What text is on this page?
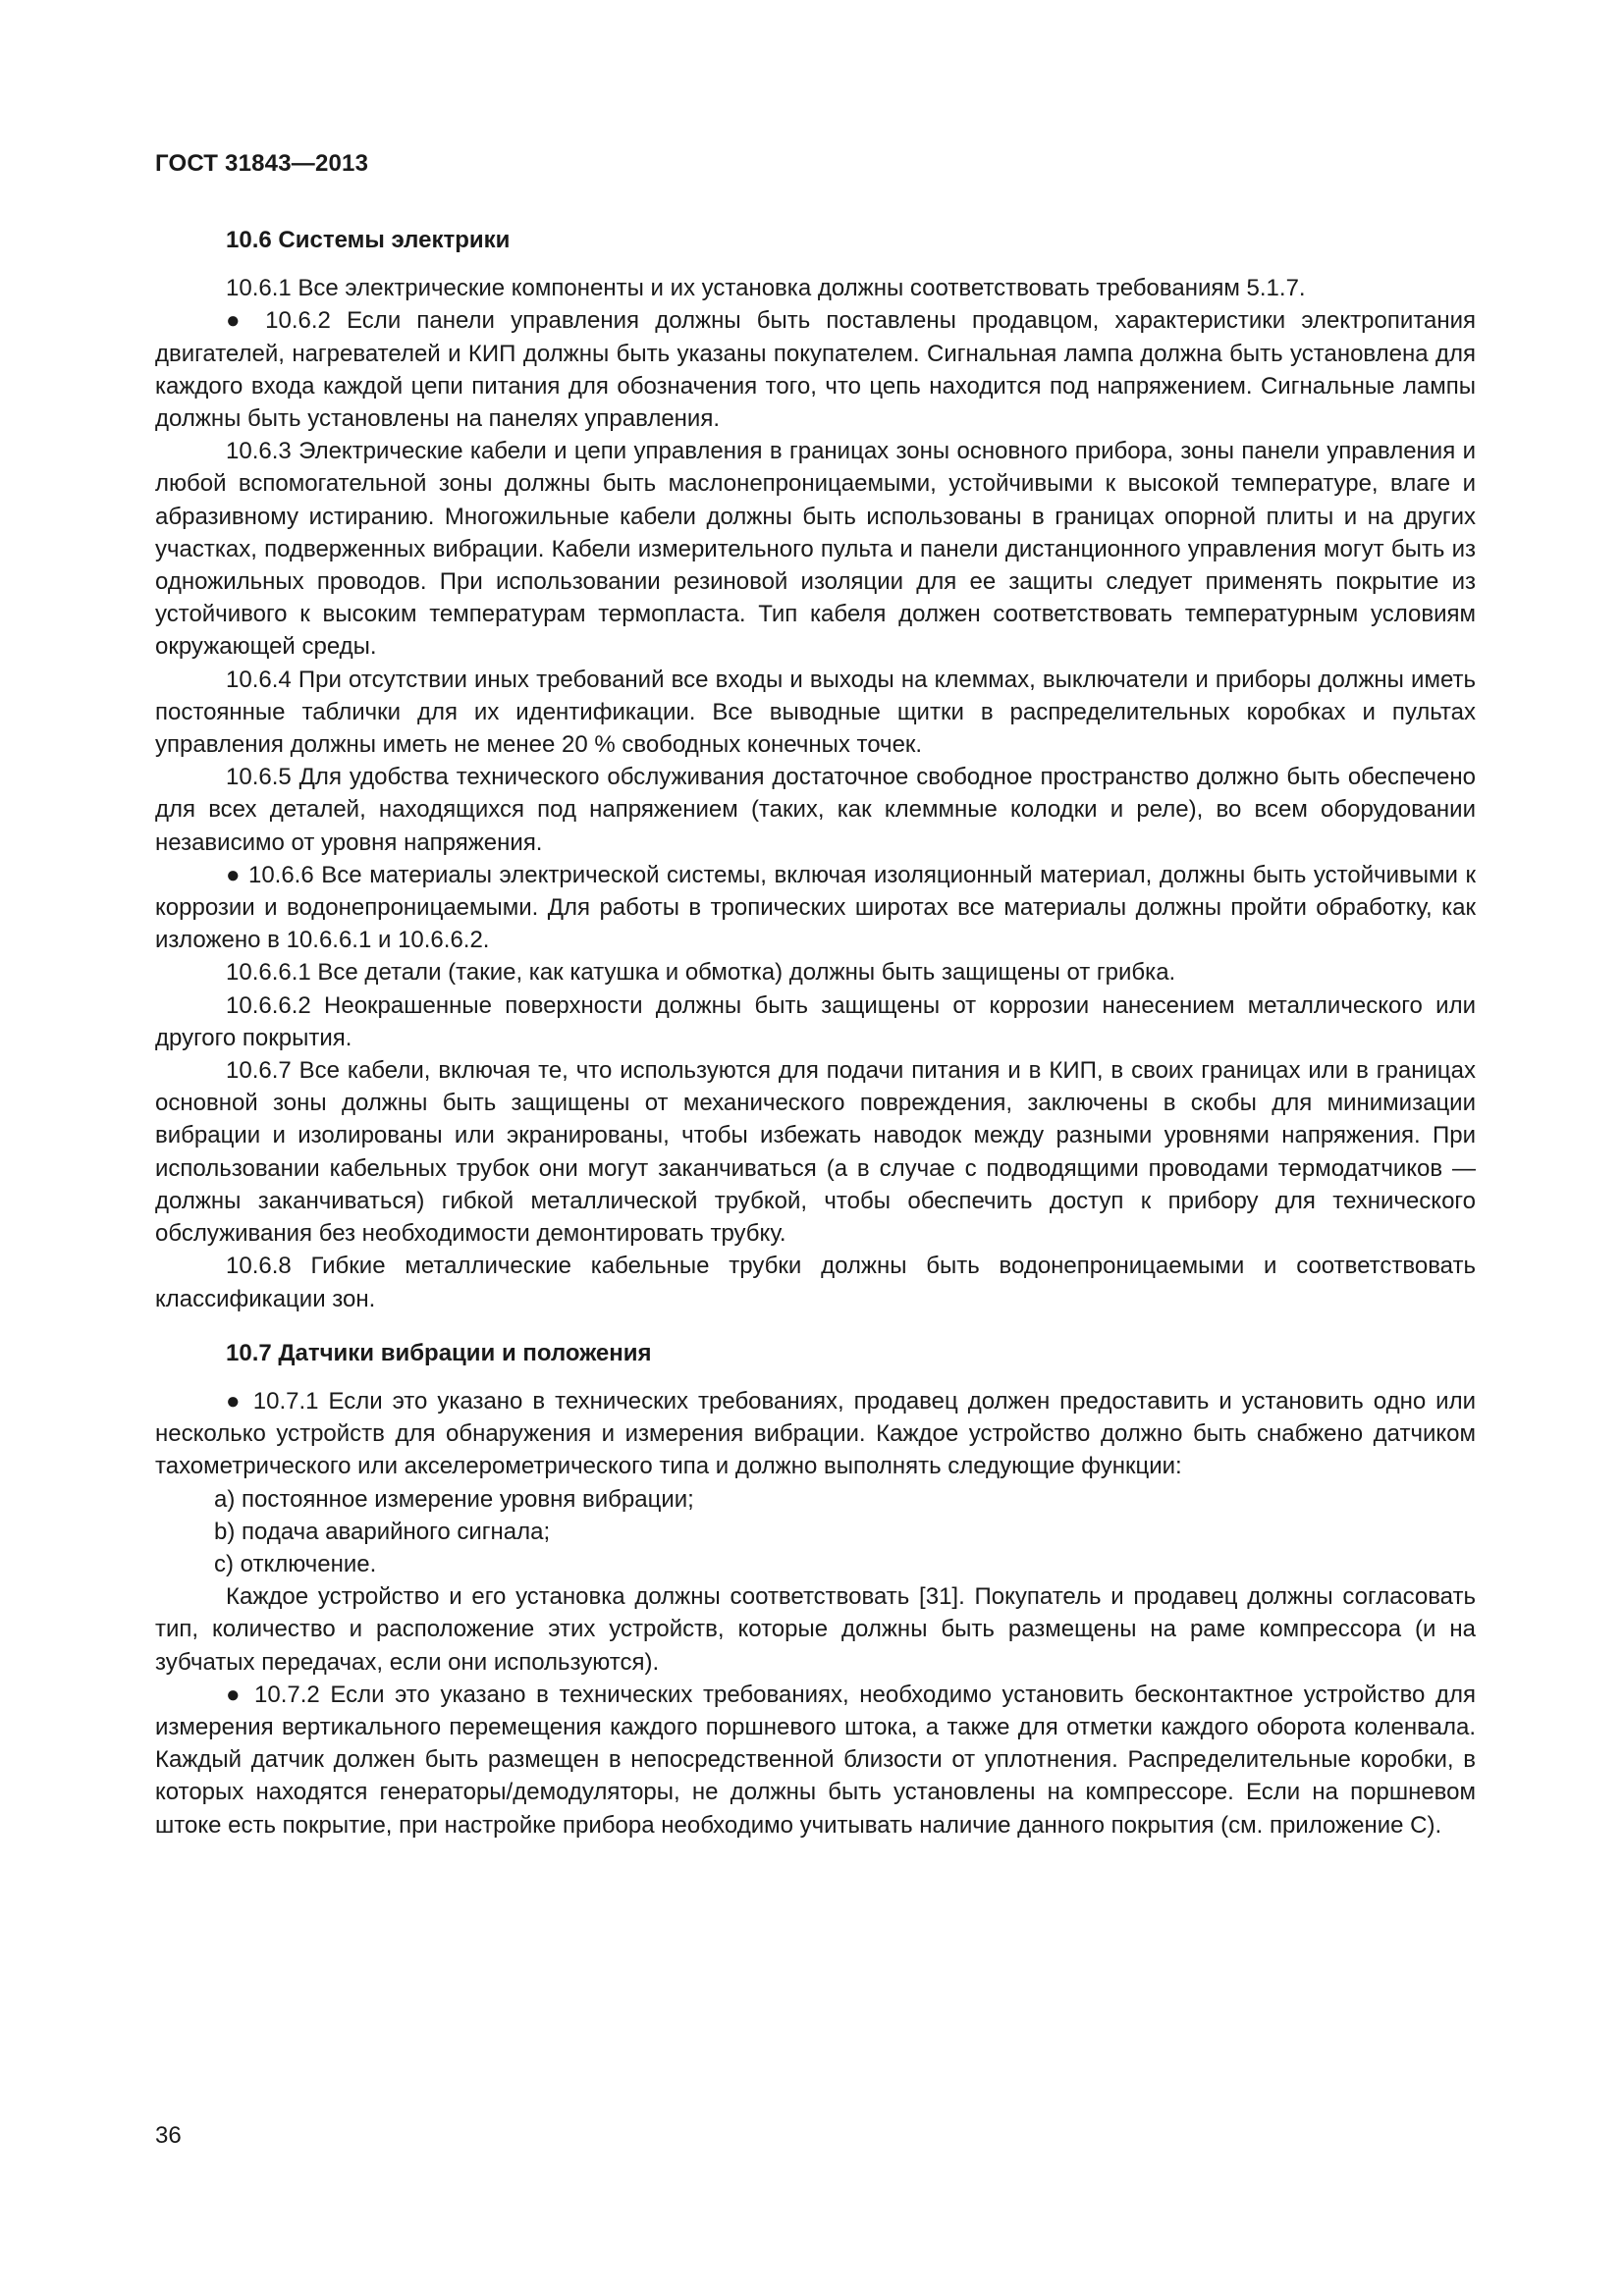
ГОСТ 31843—2013
10.6 Системы электрики

10.6.1 Все электрические компоненты и их установка должны соответствовать требованиям 5.1.7.

● 10.6.2 Если панели управления должны быть поставлены продавцом, характеристики электропитания двигателей, нагревателей и КИП должны быть указаны покупателем. Сигнальная лампа должна быть установлена для каждого входа каждой цепи питания для обозначения того, что цепь находится под напряжением. Сигнальные лампы должны быть установлены на панелях управления.

10.6.3 Электрические кабели и цепи управления в границах зоны основного прибора, зоны панели управления и любой вспомогательной зоны должны быть маслонепроницаемыми, устойчивыми к высокой температуре, влаге и абразивному истиранию. Многожильные кабели должны быть использованы в границах опорной плиты и на других участках, подверженных вибрации. Кабели измерительного пульта и панели дистанционного управления могут быть из одножильных проводов. При использовании резиновой изоляции для ее защиты следует применять покрытие из устойчивого к высоким температурам термопласта. Тип кабеля должен соответствовать температурным условиям окружающей среды.

10.6.4 При отсутствии иных требований все входы и выходы на клеммах, выключатели и приборы должны иметь постоянные таблички для их идентификации. Все выводные щитки в распределительных коробках и пультах управления должны иметь не менее 20 % свободных конечных точек.

10.6.5 Для удобства технического обслуживания достаточное свободное пространство должно быть обеспечено для всех деталей, находящихся под напряжением (таких, как клеммные колодки и реле), во всем оборудовании независимо от уровня напряжения.

● 10.6.6 Все материалы электрической системы, включая изоляционный материал, должны быть устойчивыми к коррозии и водонепроницаемыми. Для работы в тропических широтах все материалы должны пройти обработку, как изложено в 10.6.6.1 и 10.6.6.2.

10.6.6.1 Все детали (такие, как катушка и обмотка) должны быть защищены от грибка.

10.6.6.2 Неокрашенные поверхности должны быть защищены от коррозии нанесением металлического или другого покрытия.

10.6.7 Все кабели, включая те, что используются для подачи питания и в КИП, в своих границах или в границах основной зоны должны быть защищены от механического повреждения, заключены в скобы для минимизации вибрации и изолированы или экранированы, чтобы избежать наводок между разными уровнями напряжения. При использовании кабельных трубок они могут заканчиваться (а в случае с подводящими проводами термодатчиков — должны заканчиваться) гибкой металлической трубкой, чтобы обеспечить доступ к прибору для технического обслуживания без необходимости демонтировать трубку.

10.6.8 Гибкие металлические кабельные трубки должны быть водонепроницаемыми и соответствовать классификации зон.

10.7 Датчики вибрации и положения

● 10.7.1 Если это указано в технических требованиях, продавец должен предоставить и установить одно или несколько устройств для обнаружения и измерения вибрации. Каждое устройство должно быть снабжено датчиком тахометрического или акселерометрического типа и должно выполнять следующие функции:

a) постоянное измерение уровня вибрации;

b) подача аварийного сигнала;

c) отключение.

Каждое устройство и его установка должны соответствовать [31]. Покупатель и продавец должны согласовать тип, количество и расположение этих устройств, которые должны быть размещены на раме компрессора (и на зубчатых передачах, если они используются).

● 10.7.2 Если это указано в технических требованиях, необходимо установить бесконтактное устройство для измерения вертикального перемещения каждого поршневого штока, а также для отметки каждого оборота коленвала. Каждый датчик должен быть размещен в непосредственной близости от уплотнения. Распределительные коробки, в которых находятся генераторы/демодуляторы, не должны быть установлены на компрессоре. Если на поршневом штоке есть покрытие, при настройке прибора необходимо учитывать наличие данного покрытия (см. приложение С).

36
